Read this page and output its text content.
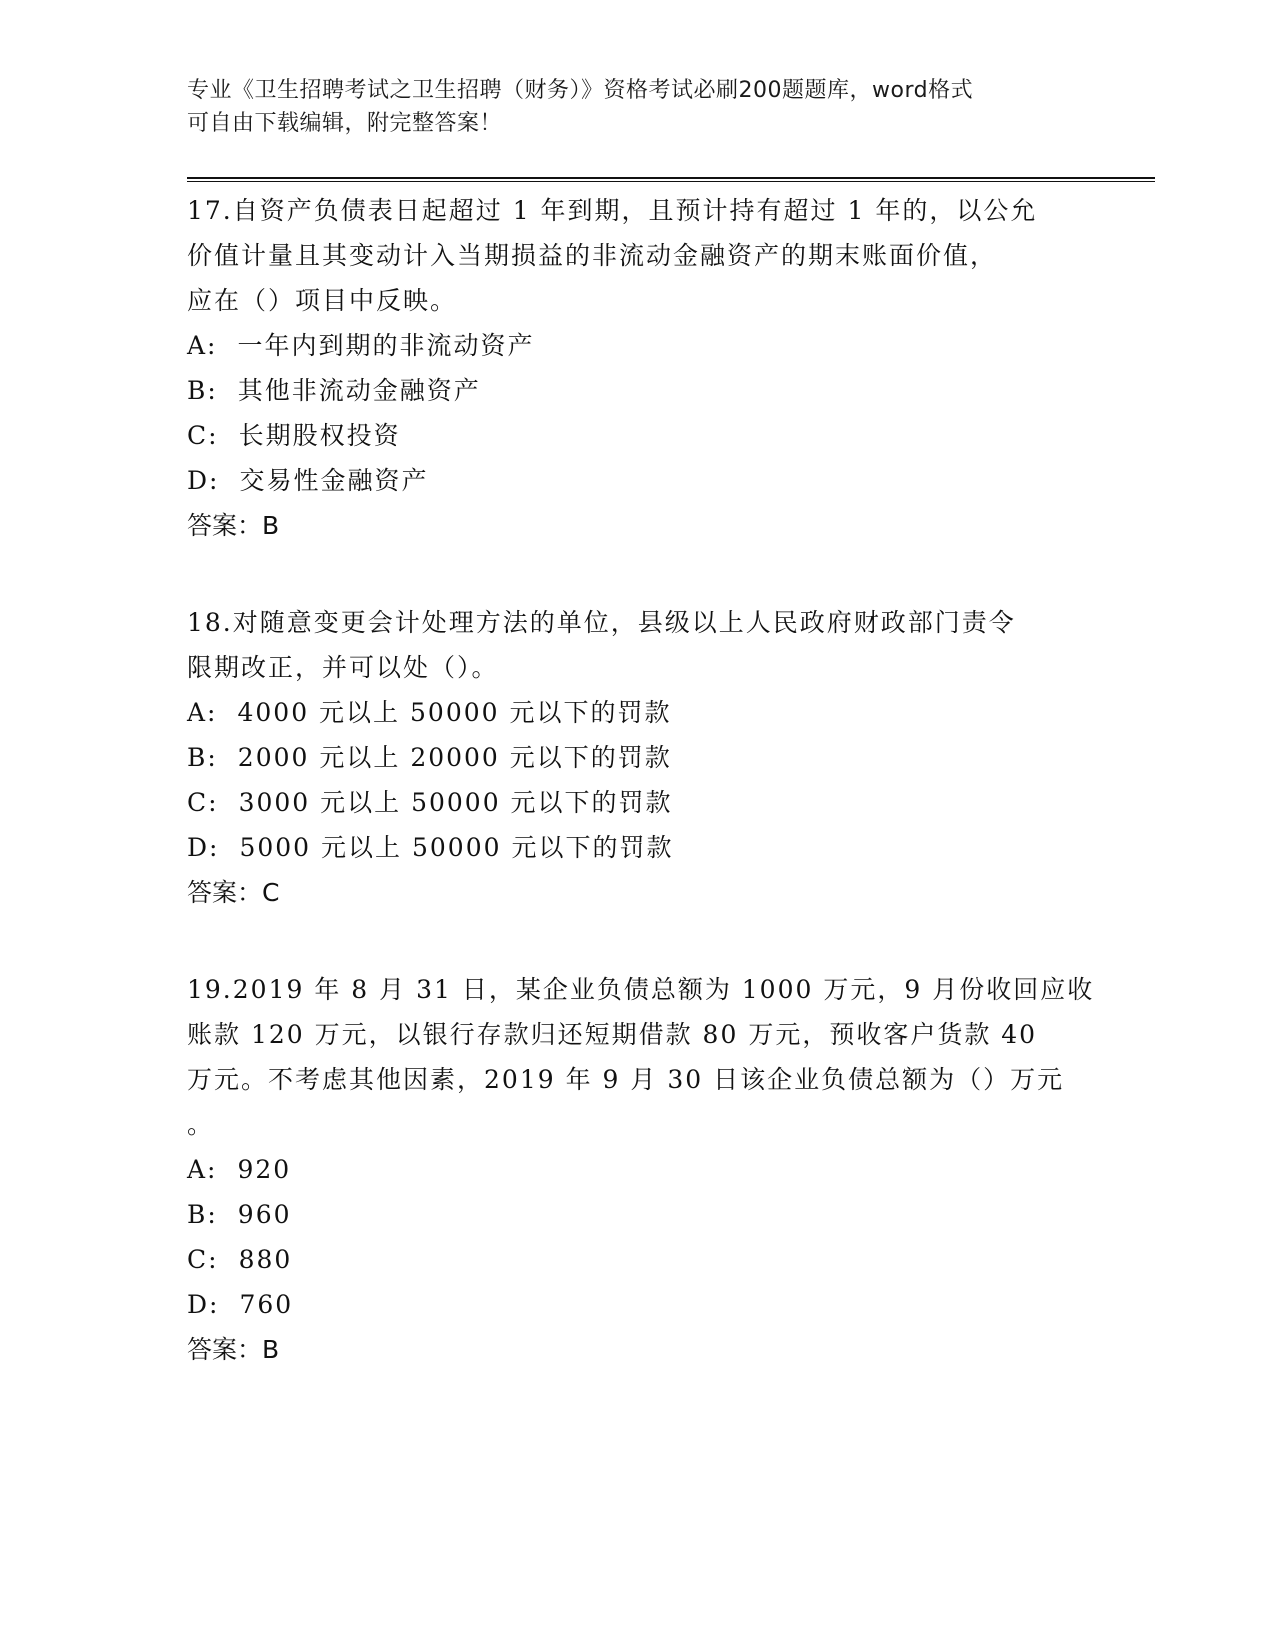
专业《卫生招聘考试之卫生招聘（财务）》资格考试必刷200题题库，word格式

可自由下载编辑，附完整答案！

17.自资产负债表日起超过 1 年到期，且预计持有超过 1 年的，以公允

价值计量且其变动计入当期损益的非流动金融资产的期末账面价值，

应在（）项目中反映。

A: 一年内到期的非流动资产

B: 其他非流动金融资产

C: 长期股权投资

D: 交易性金融资产

答案：B

18.对随意变更会计处理方法的单位，县级以上人民政府财政部门责令

限期改正，并可以处（）。

A: 4000 元以上 50000 元以下的罚款

B: 2000 元以上 20000 元以下的罚款

C: 3000 元以上 50000 元以下的罚款

D: 5000 元以上 50000 元以下的罚款

答案：C

19.2019 年 8 月 31 日，某企业负债总额为 1000 万元，9 月份收回应收

账款 120 万元，以银行存款归还短期借款 80 万元，预收客户货款 40

万元。不考虑其他因素，2019 年 9 月 30 日该企业负债总额为（）万元

。

A: 920

B: 960

C: 880

D: 760

答案：B
